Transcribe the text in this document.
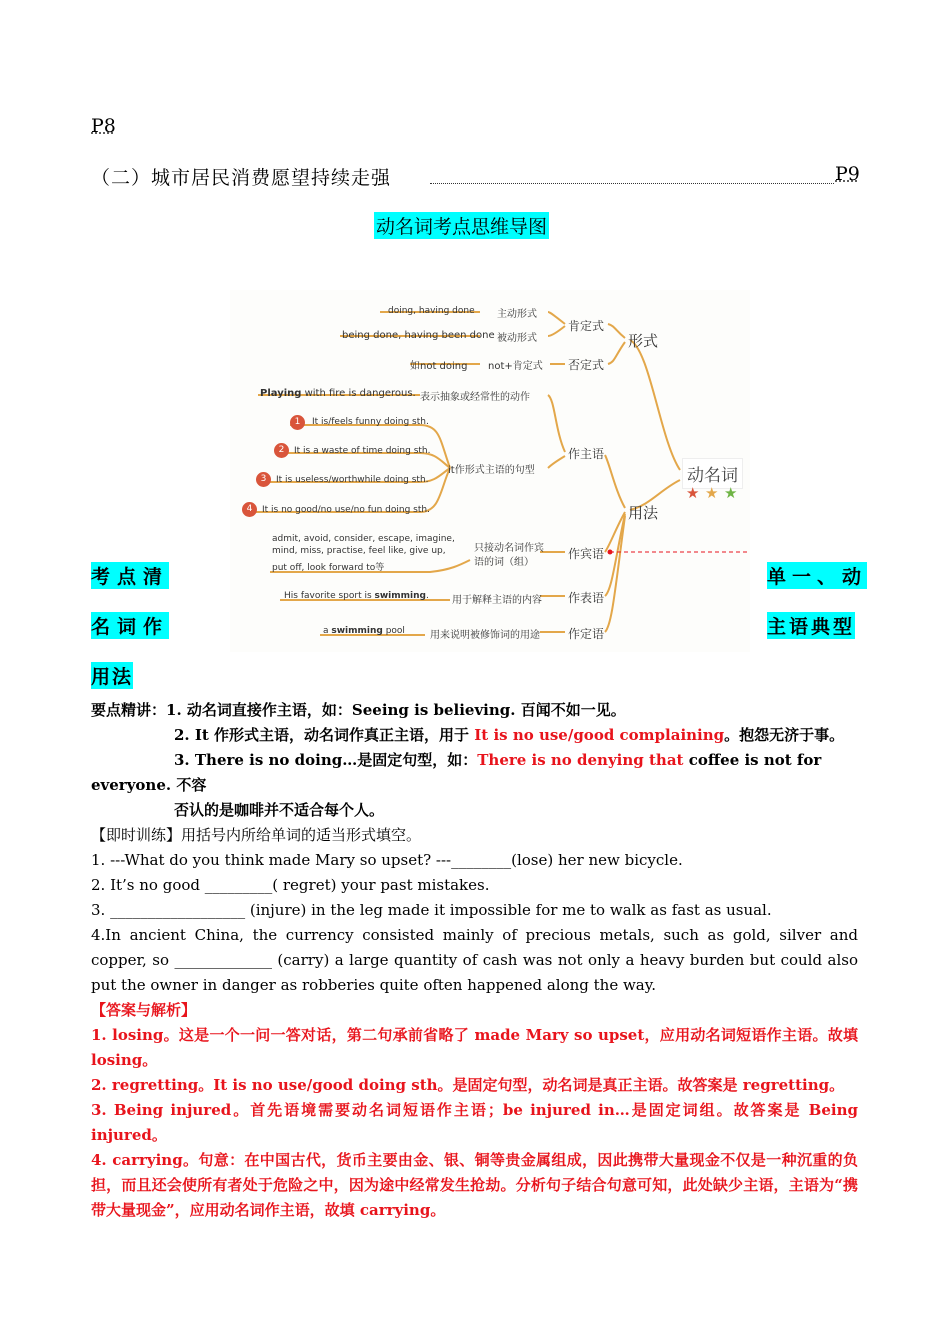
P8
（二）城市居民消费愿望持续走强	P9
动名词考点思维导图
doing, having done 主动形式
being done, having been done 被动形式
肯定式
形式
如not doing not+肯定式 否定式
Playing with fire is dangerous. 表示抽象或经常性的动作
作主语
1	It is/feels funny doing sth.
2	It is a waste of time doing sth.
it作形式主语的句型
3	It is useless/worthwhile doing sth.
4	It is no good/no use/no fun doing sth.	用法
admit, avoid, consider, escape, imagine,
mind, miss, practise, feel like, give up,
put off, look forward to等
只接动名词作宾
语的词（组）
作宾语
His favorite sport is swimming. 用于解释主语的内容 作表语
a swimming pool	用来说明被修饰词的用途 作定语
动名词
★ ★ ★
考点清
名词作
单一、动
主语典型
用法
要点精讲：1. 动名词直接作主语，如：Seeing is believing. 百闻不如一见。
2. It 作形式主语，动名词作真正主语，用于 It is no use/good complaining。抱怨无济于事。
3. There is no doing…是固定句型，如：There is no denying that coffee is not for everyone. 不容
否认的是咖啡并不适合每个人。
【即时训练】用括号内所给单词的适当形式填空。
1. ---What do you think made Mary so upset? ---________(lose) her new bicycle.
2. It’s no good _________( regret) your past mistakes.
3. __________________ (injure) in the leg made it impossible for me to walk as fast as usual.
4.In ancient China, the currency consisted mainly of precious metals, such as gold, silver and copper, so _____________ (carry) a large quantity of cash was not only a heavy burden but could also put the owner in danger as robberies quite often happened along the way.
【答案与解析】
1. losing。这是一个一问一答对话，第二句承前省略了 made Mary so upset，应用动名词短语作主语。故填 losing。
2. regretting。It is no use/good doing sth。是固定句型，动名词是真正主语。故答案是 regretting。
3. Being injured。首先语境需要动名词短语作主语；be injured in…是固定词组。故答案是 Being injured。
4. carrying。句意：在中国古代，货币主要由金、银、铜等贵金属组成，因此携带大量现金不仅是一种沉重的负担，而且还会使所有者处于危险之中，因为途中经常发生抢劫。分析句子结合句意可知，此处缺少主语，主语为“携带大量现金”，应用动名词作主语，故填 carrying。
